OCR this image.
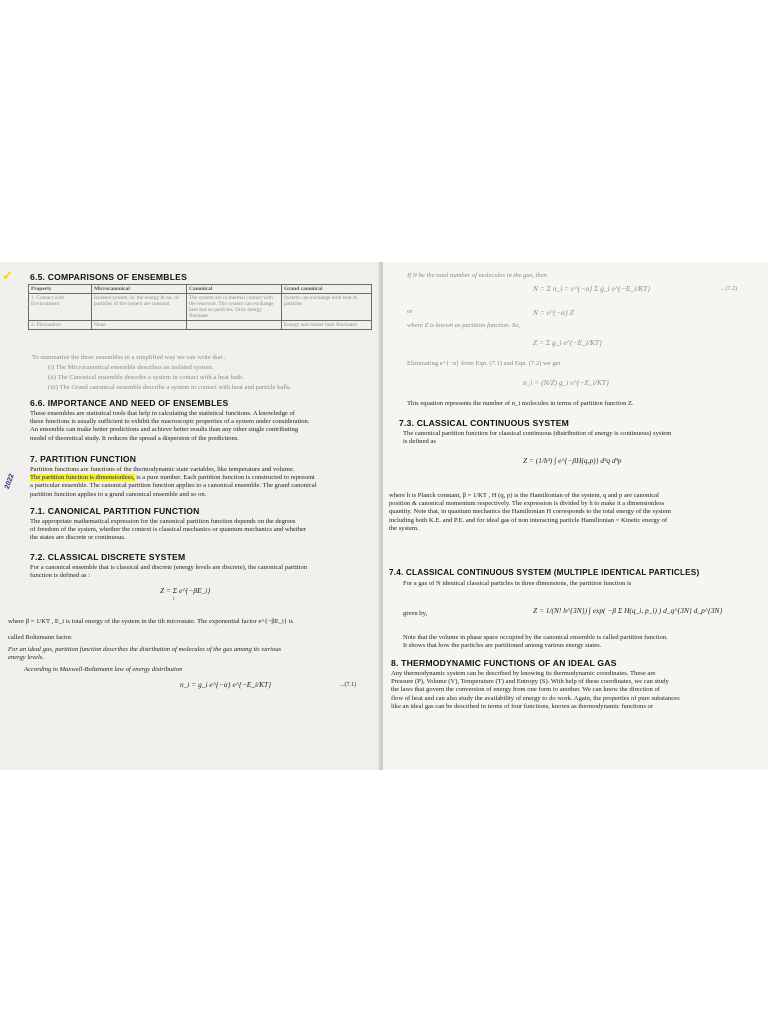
6.5. COMPARISONS OF ENSEMBLES
✓
Property	Microcanonical	Canonical	Grand canonical
1. Contact with Environment	Isolated system, ie. the energy & no. of particles of the system are constant	The system are in thermal contact with the reservoir. The system can exchange heat but no particles. Only energy fluctuate	System can exchange both heat & particles
2. Fluctuation	None		Energy and matter both fluctuates
To summarize the three ensembles in a simplified way we can write that :
(i) The Microcanonical ensemble describes an isolated system.
(ii) The Canonical ensemble describe a system in contact with a heat bath.
(iii) The Grand canonical ensemble describe a system in contact with heat and particle balls.
6.6. IMPORTANCE AND NEED OF ENSEMBLES
These ensembles are statistical tools that help in calculating the statistical functions. A knowledge of
these functions is usually sufficient to exhibit the macroscopic properties of a system under consideration.
An ensemble can make better predictions and achieve better results than any other single contributing
model of theoretical study. It reduces the spread a dispersion of the predictions.
7. PARTITION FUNCTION
2022
Partition functions are functions of the thermodynamic state variables, like temperature and volume.
The partition function is dimensionless, is a pure number. Each partition function is constructed to represent
a particular ensemble. The canonical partition function applies to a canonical ensemble. The grand canonical
partition function applies to a grand canonical ensemble and so on.
7.1. CANONICAL PARTITION FUNCTION
The appropriate mathematical expression for the canonical partition function depends on the degrees
of freedom of the system, whether the context is classical mechanics or quantum mechanics and whether
the states are discrete or continuous.
7.2. CLASSICAL DISCRETE SYSTEM
For a canonical ensemble that is classical and discrete (energy levels are discrete), the canonical partition
function is defined as :
Z = Σ e^{−βE_i}
i
where β = 1/KT , E_i is total energy of the system in the ith microstate. The exponential factor e^{−βE_i} is
called Boltzmann factor.
For an ideal gas, partition function describes the distribution of molecules of the gas among its various
energy levels.
According to Maxwell-Boltzmann law of energy distribution
n_i = g_i e^{−α} e^{−E_i/KT}	...(7.1)
If N be the total number of molecules in the gas, then
N = Σ n_i = e^{−α} Σ g_i e^{−E_i/KT}	...(7.2)
or	N = e^{−α} Z
where Z is known as partition function. So,
Z = Σ g_i e^{−E_i/KT}
Eliminating e^{−α} from Eqn. (7.1) and Eqn. (7.2) we get
n_i = (N/Z) g_i e^{−E_i/KT}
This equation represents the number of n_i molecules in terms of partition function Z.
7.3. CLASSICAL CONTINUOUS SYSTEM
The canonical partition function for classical continuous (distribution of energy is continuous) system
is defined as
Z = (1/h³) ∫ e^{−βH(q,p)} d³q d³p
where h is Planck constant, β = 1/KT , H (q, p) is the Hamiltonian of the system, q and p are canonical
position & canonical momentum respectively. The expression is divided by h to make it a dimensionless
quantity. Note that, in quantum mechanics the Hamiltonian H corresponds to the total energy of the system
including both K.E. and P.E. and for ideal gas of non interacting particle Hamiltonian = Kinetic energy of
the system.
7.4. CLASSICAL CONTINUOUS SYSTEM (MULTIPLE IDENTICAL PARTICLES)
For a gas of N identical classical particles in three dimensions, the partition function is
given by,	Z = 1/(N! h^{3N}) ∫ exp( −β Σ H(q_i, p_i) ) d_q^{3N} d_p^{3N}
Note that the volume in phase space occupied by the canonical ensemble is called partition function.
It shows that how the particles are partitioned among various energy states.
8. THERMODYNAMIC FUNCTIONS OF AN IDEAL GAS
Any thermodynamic system can be described by knowing its thermodynamic coordinates. These are
Pressure (P), Volume (V), Temperature (T) and Entropy (S). With help of these coordinates, we can study
the laws that govern the conversion of energy from one form to another. We can know the direction of
flow of heat and can also study the availability of energy to do work. Again, the properties of pure substances
like an ideal gas can be described in terms of four functions, known as thermodynamic functions or
